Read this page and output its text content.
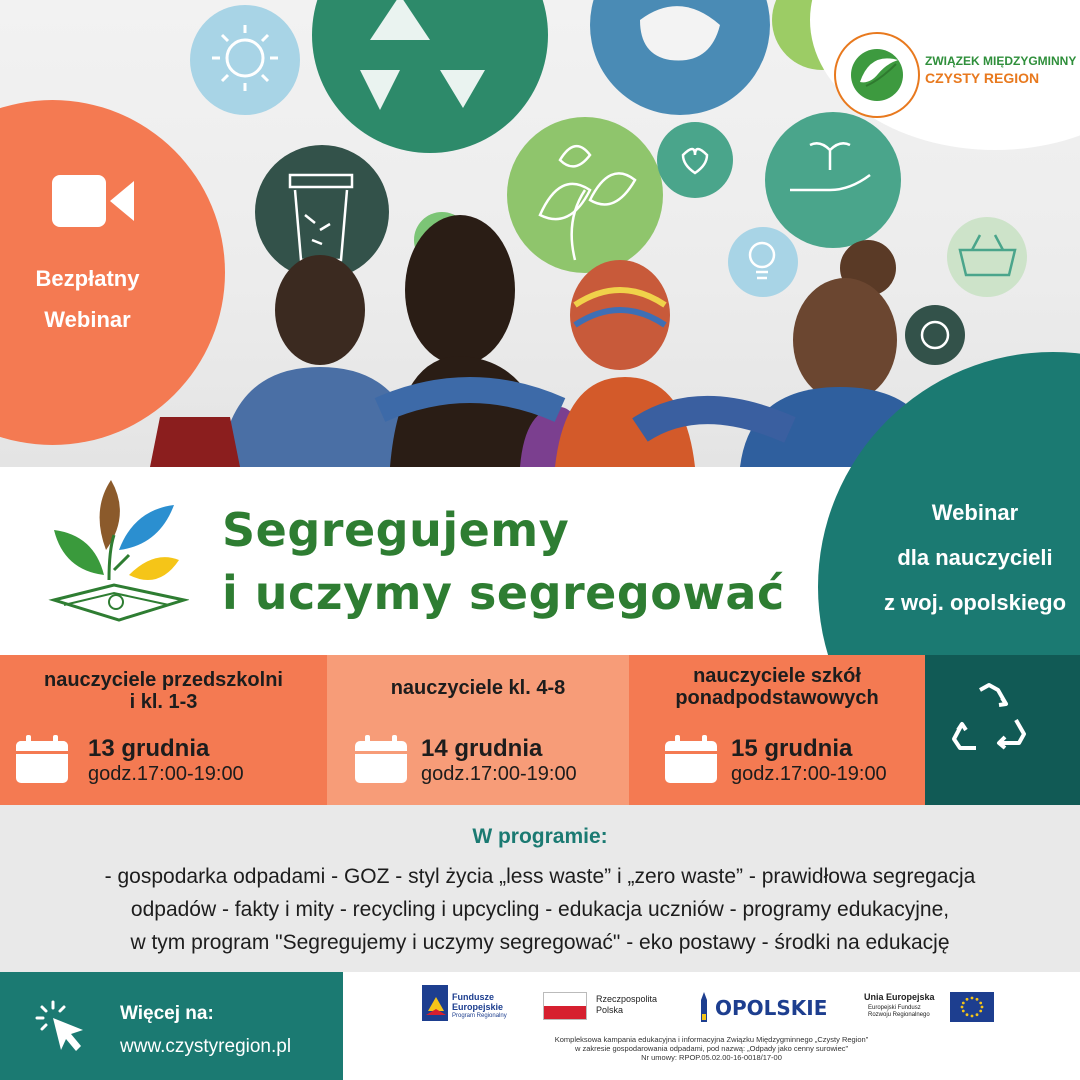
Bezpłatny
Webinar
ZWIĄZEK MIĘDZYGMINNY
CZYSTY REGION
Segregujemy
i uczymy segregować
Webinar
dla nauczycieli
z woj. opolskiego
nauczyciele przedszkolni
i kl. 1-3
13 grudnia
godz.17:00-19:00
nauczyciele kl. 4-8
14 grudnia
godz.17:00-19:00
nauczyciele szkół
ponadpodstawowych
15 grudnia
godz.17:00-19:00
W programie:
- gospodarka odpadami - GOZ - styl życia „less waste” i „zero waste” - prawidłowa segregacja
odpadów - fakty i mity - recycling i upcycling - edukacja uczniów - programy edukacyjne,
w tym program "Segregujemy i uczymy segregować" - eko postawy - środki na edukację
Więcej na:
www.czystyregion.pl
Fundusze
Europejskie
Program Regionalny
Rzeczpospolita
Polska	OPOLSKIE	Unia Europejska
Europejski Fundusz
Rozwoju Regionalnego
Kompleksowa kampania edukacyjna i informacyjna Związku Międzygminnego „Czysty Region”
w zakresie gospodarowania odpadami, pod nazwą: „Odpady jako cenny surowiec”
Nr umowy: RPOP.05.02.00-16-0018/17-00
